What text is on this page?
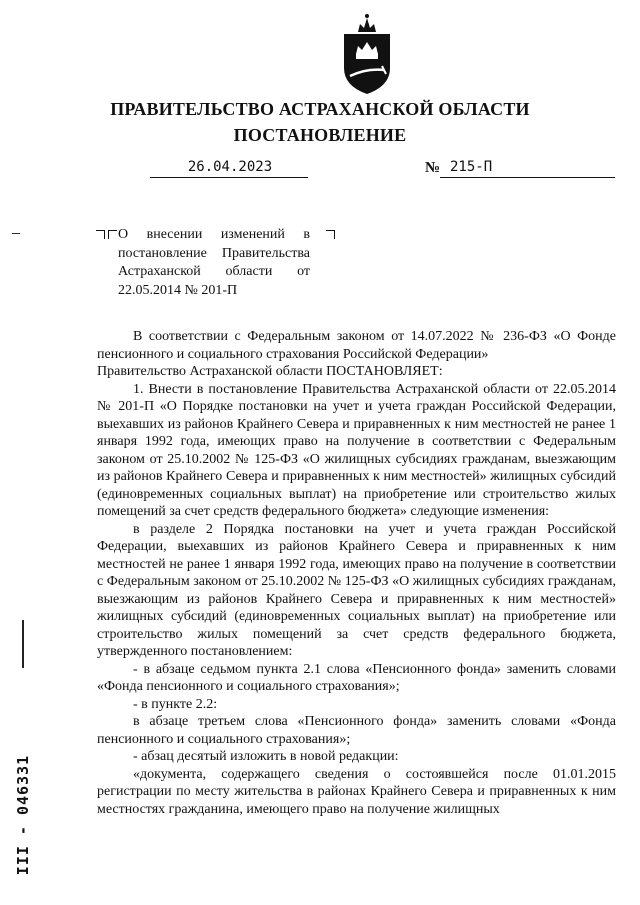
ПРАВИТЕЛЬСТВО АСТРАХАНСКОЙ ОБЛАСТИ
ПОСТАНОВЛЕНИЕ
26.04.2023	№ 215-П
О внесении изменений в постановление Правительства Астраханской области от 22.05.2014 № 201-П

В соответствии с Федеральным законом от 14.07.2022 № 236-ФЗ «О Фонде пенсионного и социального страхования Российской Федерации»

Правительство Астраханской области ПОСТАНОВЛЯЕТ:

1. Внести в постановление Правительства Астраханской области от 22.05.2014 № 201-П «О Порядке постановки на учет и учета граждан Российской Федерации, выехавших из районов Крайнего Севера и приравненных к ним местностей не ранее 1 января 1992 года, имеющих право на получение в соответствии с Федеральным законом от 25.10.2002 № 125-ФЗ «О жилищных субсидиях гражданам, выезжающим из районов Крайнего Севера и приравненных к ним местностей» жилищных субсидий (единовременных социальных выплат) на приобретение или строительство жилых помещений за счет средств федерального бюджета» следующие изменения:

в разделе 2 Порядка постановки на учет и учета граждан Российской Федерации, выехавших из районов Крайнего Севера и приравненных к ним местностей не ранее 1 января 1992 года, имеющих право на получение в соответствии с Федеральным законом от 25.10.2002 № 125-ФЗ «О жилищных субсидиях гражданам, выезжающим из районов Крайнего Севера и приравненных к ним местностей» жилищных субсидий (единовременных социальных выплат) на приобретение или строительство жилых помещений за счет средств федерального бюджета, утвержденного постановлением:

- в абзаце седьмом пункта 2.1 слова «Пенсионного фонда» заменить словами «Фонда пенсионного и социального страхования»;

- в пункте 2.2:

в абзаце третьем слова «Пенсионного фонда» заменить словами «Фонда пенсионного и социального страхования»;

- абзац десятый изложить в новой редакции:

«документа, содержащего сведения о состоявшейся после 01.01.2015 регистрации по месту жительства в районах Крайнего Севера и приравненных к ним местностях гражданина, имеющего право на получение жилищных

III - 046331
